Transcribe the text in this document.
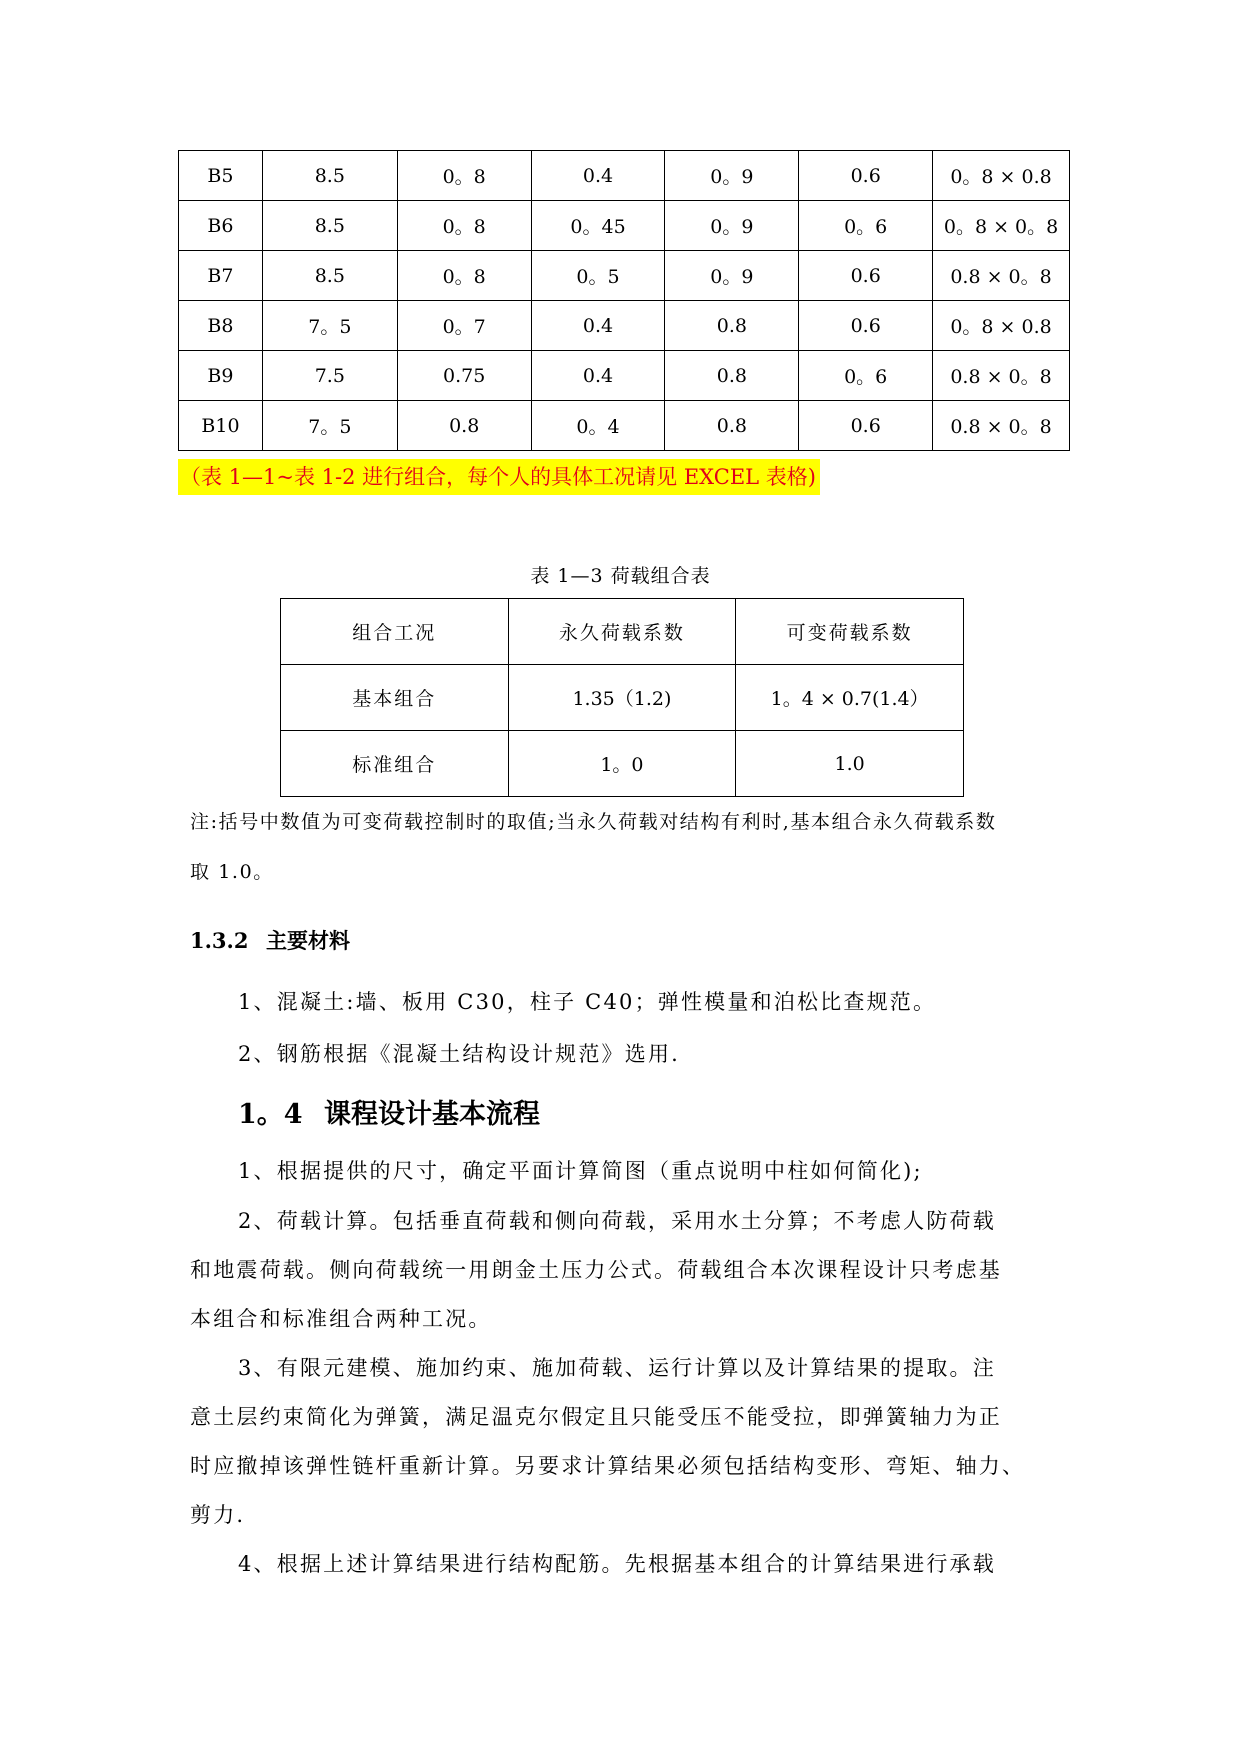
B5	8.5	0。8	0.4	0。9	0.6	0。8 × 0.8
B6	8.5	0。8	0。45	0。9	0。6	0。8 × 0。8
B7	8.5	0。8	0。5	0。9	0.6	0.8 × 0。8
B8	7。5	0。7	0.4	0.8	0.6	0。8 × 0.8
B9	7.5	0.75	0.4	0.8	0。6	0.8 × 0。8
B10	7。5	0.8	0。4	0.8	0.6	0.8 × 0。8
（表 1—1~表 1-2 进行组合，每个人的具体工况请见 EXCEL 表格)
表 1—3 荷载组合表
组合工况	永久荷载系数	可变荷载系数
基本组合	1.35（1.2)	1。4 × 0.7(1.4）
标准组合	1。0	1.0
注:括号中数值为可变荷载控制时的取值;当永久荷载对结构有利时,基本组合永久荷载系数
取 1.0。
1.3.2 主要材料
1、混凝土:墙、板用 C30，柱子 C40；弹性模量和泊松比查规范。
2、钢筋根据《混凝土结构设计规范》选用.
1。4 课程设计基本流程
1、根据提供的尺寸，确定平面计算简图（重点说明中柱如何简化);
2、荷载计算。包括垂直荷载和侧向荷载，采用水土分算；不考虑人防荷载
和地震荷载。侧向荷载统一用朗金土压力公式。荷载组合本次课程设计只考虑基
本组合和标准组合两种工况。
3、有限元建模、施加约束、施加荷载、运行计算以及计算结果的提取。注
意土层约束简化为弹簧，满足温克尔假定且只能受压不能受拉，即弹簧轴力为正
时应撤掉该弹性链杆重新计算。另要求计算结果必须包括结构变形、弯矩、轴力、
剪力.
4、根据上述计算结果进行结构配筋。先根据基本组合的计算结果进行承载
